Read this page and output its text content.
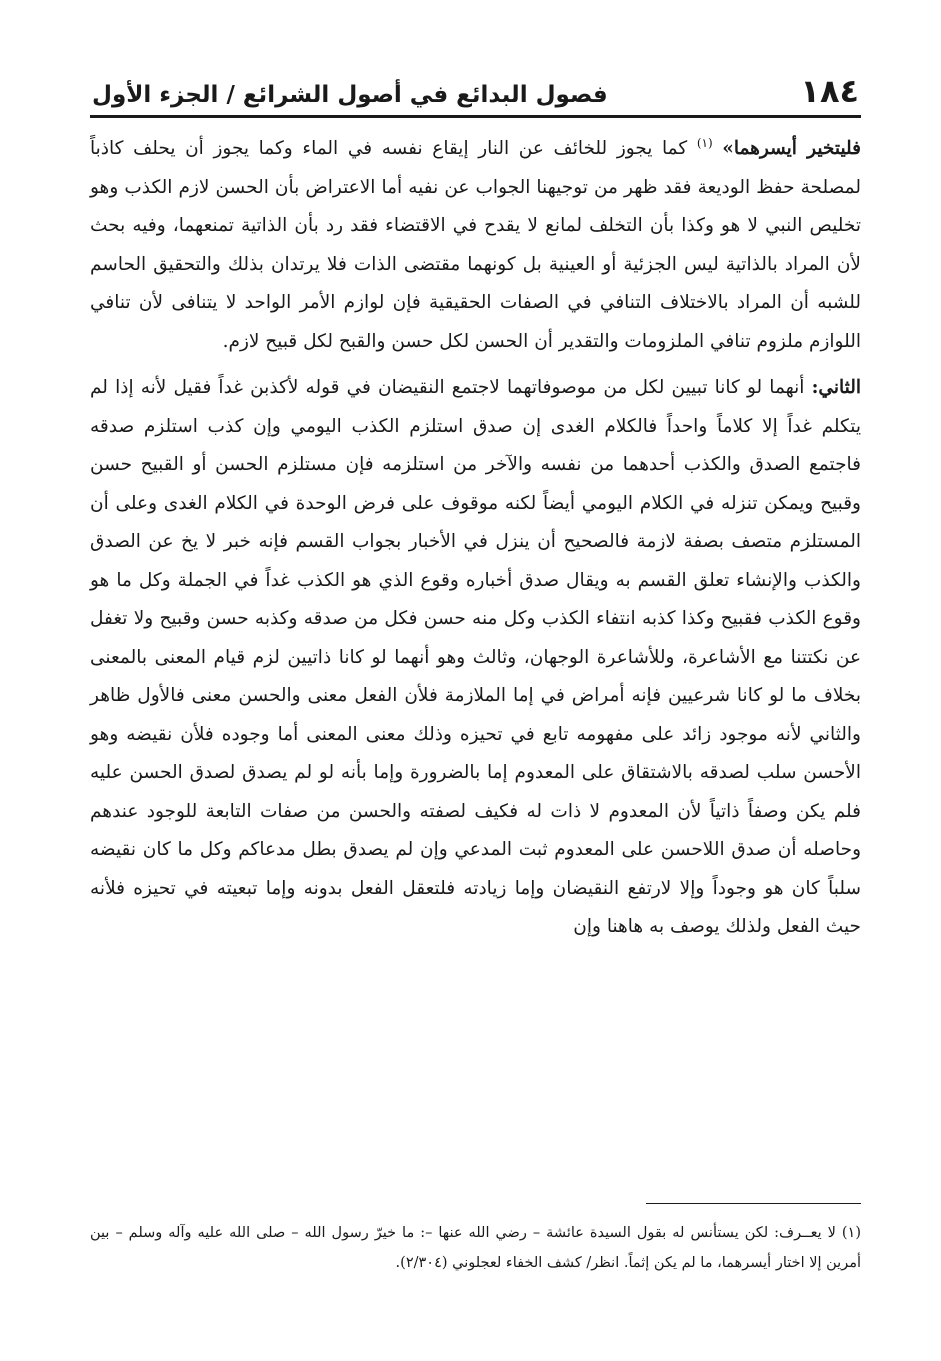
١٨٤
فصول البدائع في أصول الشرائع / الجزء الأول

فليتخير أيسرهما» $^{(١)}$ كما يجوز للخائف عن النار إيقاع نفسه في الماء وكما يجوز أن يحلف كاذباً لمصلحة حفظ الوديعة فقد ظهر من توجيهنا الجواب عن نفيه أما الاعتراض بأن الحسن لازم الكذب وهو تخليص النبي لا هو وكذا بأن التخلف لمانع لا يقدح في الاقتضاء فقد رد بأن الذاتية تمنعهما، وفيه بحث لأن المراد بالذاتية ليس الجزئية أو العينية بل كونهما مقتضى الذات فلا يرتدان بذلك والتحقيق الحاسم للشبه أن المراد بالاختلاف التنافي في الصفات الحقيقية فإن لوازم الأمر الواحد لا يتنافى لأن تنافي اللوازم ملزوم تنافي الملزومات والتقدير أن الحسن لكل حسن والقبح لكل قبيح لازم.

الثاني: أنهما لو كانا تبيين لكل من موصوفاتهما لاجتمع النقيضان في قوله لأكذبن غداً فقيل لأنه إذا لم يتكلم غداً إلا كلاماً واحداً فالكلام الغدى إن صدق استلزم الكذب اليومي وإن كذب استلزم صدقه فاجتمع الصدق والكذب أحدهما من نفسه والآخر من استلزمه فإن مستلزم الحسن أو القبيح حسن وقبيح ويمكن تنزله في الكلام اليومي أيضاً لكنه موقوف على فرض الوحدة في الكلام الغدى وعلى أن المستلزم متصف بصفة لازمة فالصحيح أن ينزل في الأخبار بجواب القسم فإنه خبر لا يخ عن الصدق والكذب والإنشاء تعلق القسم به ويقال صدق أخباره وقوع الذي هو الكذب غداً في الجملة وكل ما هو وقوع الكذب فقبيح وكذا كذبه انتفاء الكذب وكل منه حسن فكل من صدقه وكذبه حسن وقبيح ولا تغفل عن نكتتنا مع الأشاعرة، وللأشاعرة الوجهان، وثالث وهو أنهما لو كانا ذاتيين لزم قيام المعنى بالمعنى بخلاف ما لو كانا شرعيين فإنه أمراض في إما الملازمة فلأن الفعل معنى والحسن معنى فالأول ظاهر والثاني لأنه موجود زائد على مفهومه تابع في تحيزه وذلك معنى المعنى أما وجوده فلأن نقيضه وهو الأحسن سلب لصدقه بالاشتقاق على المعدوم إما بالضرورة وإما بأنه لو لم يصدق لصدق الحسن عليه فلم يكن وصفاً ذاتياً لأن المعدوم لا ذات له فكيف لصفته والحسن من صفات التابعة للوجود عندهم وحاصله أن صدق اللاحسن على المعدوم ثبت المدعي وإن لم يصدق بطل مدعاكم وكل ما كان نقيضه سلباً كان هو وجوداً وإلا لارتفع النقيضان وإما زيادته فلتعقل الفعل بدونه وإما تبعيته في تحيزه فلأنه حيث الفعل ولذلك يوصف به هاهنا وإن

(١) لا يعــرف: لكن يستأنس له بقول السيدة عائشة – رضي الله عنها –: ما خيرّ رسول الله – صلى الله عليه وآله وسلم – بين أمرين إلا اختار أيسرهما، ما لم يكن إثماً. انظر/ كشف الخفاء لعجلوني (٢/٣٠٤).
